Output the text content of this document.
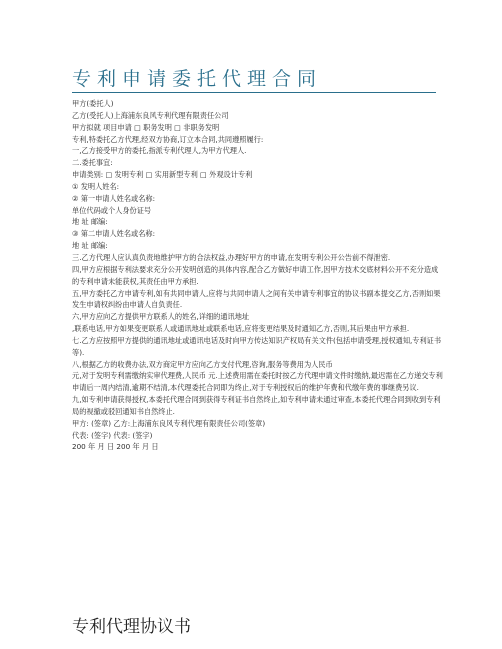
专利申请委托代理合同
甲方(委托人)
乙方(受托人)上海浦东良风专利代理有限责任公司
甲方拟就 项目申请 □ 职务发明 □ 非职务发明
专利,特委托乙方代理,经双方协商,订立本合同,共同遵照履行:
一,乙方接受甲方的委托,指派专利代理人,为甲方代理人.
二.委托事宜:
申请类别: □ 发明专利 □ 实用新型专利 □ 外观设计专利
① 发明人姓名:
② 第一申请人姓名或名称:
单位代码或个人身份证号
地 址 邮编:
③ 第二申请人姓名或名称:
地 址 邮编:
三.乙方代理人应认真负责地维护甲方的合法权益,办理好甲方的申请,在发明专利公开公告前不得泄密.
四,甲方应根据专利法要求充分公开发明创造的具体内容,配合乙方做好申请工作,因甲方技术交底材料公开不充分造成的专利申请未能获权,其责任由甲方承担.
五,甲方委托乙方申请专利,如有共同申请人,应将与共同申请人之间有关申请专利事宜的协议书副本提交乙方,否则如果发生申请权纠纷由申请人自负责任.
六,甲方应向乙方提供甲方联系人的姓名,详细的通讯地址
,联系电话,甲方如果变更联系人或通讯地址或联系电话,应将变更结果及时通知乙方,否则,其后果由甲方承担.
七.乙方应按照甲方提供的通讯地址或通讯电话及时向甲方传达知识产权局有关文件(包括申请受理,授权通知,专利证书等).
八,根据乙方的收费办法,双方商定甲方应向乙方支付代理,咨询,服务等费用为人民币
元,对于发明专利需缴纳实审代理费,人民币 元.上述费用需在委托时按乙方代理申请文件时缴纳,最迟需在乙方递交专利申请后一周内结清,逾期不结清,本代理委托合同即为终止,对于专利授权后的维护年费和代缴年费的事继费另议.
九,如专利申请获得授权,本委托代理合同到获得专利证书自然终止,如专利申请未通过审查,本委托代理合同到收到专利局的视撤或驳回通知书自然终止.
甲方: (签章) 乙方:上海浦东良风专利代理有限责任公司(签章)
代表: (签字) 代表: (签字)
200 年 月 日 200 年 月 日
专利代理协议书
